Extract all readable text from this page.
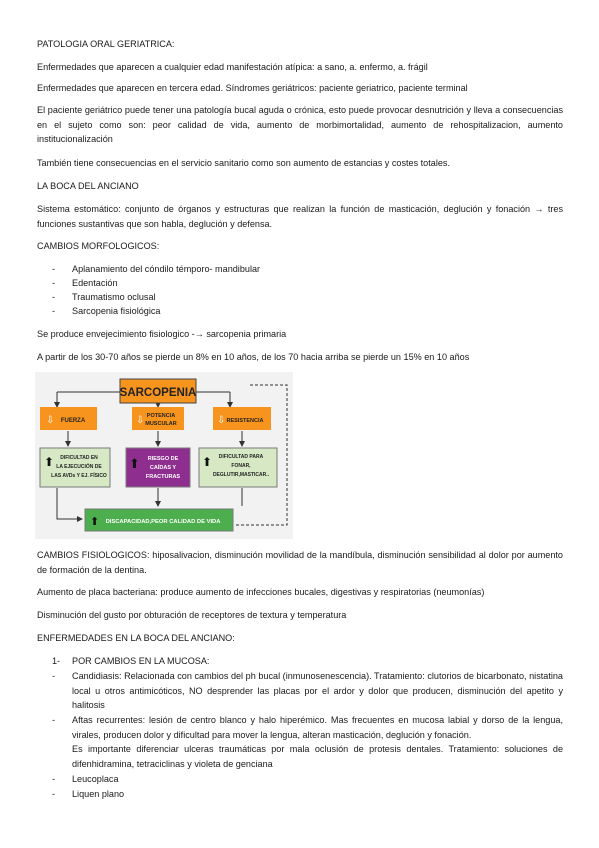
PATOLOGIA ORAL GERIATRICA:

Enfermedades que aparecen a cualquier edad manifestación atípica: a sano, a. enfermo, a. frágil

Enfermedades que aparecen en tercera edad. Síndromes geriátricos: paciente geriatrico, paciente terminal

El paciente geriátrico puede tener una patología bucal aguda o crónica, esto puede provocar desnutrición y lleva a consecuencias en el sujeto como son: peor calidad de vida, aumento de morbimortalidad, aumento de rehospitalizacion, aumento institucionalización

También tiene consecuencias en el servicio sanitario como son aumento de estancias y costes totales.

LA BOCA DEL ANCIANO

Sistema estomático: conjunto de órganos y estructuras que realizan la función de masticación, deglución y fonación → tres funciones sustantivas que son habla, deglución y defensa.

CAMBIOS MORFOLOGICOS:

- Aplanamiento del cóndilo témporo- mandibular
- Edentación
- Traumatismo oclusal
- Sarcopenia fisiológica

Se produce envejecimiento fisiologico -→ sarcopenia primaria

A partir de los 30-70 años se pierde un 8% en 10 años, de los 70 hacia arriba se pierde un 15% en 10 años

SARCOPENIA
⇩ FUERZA	⇩ POTENCIA
MUSCULAR	⇩ RESISTENCIA
⬆ DIFICULTAD EN
LA EJECUCIÓN DE
LAS AVDs Y EJ. FÍSICO
⬆ RIESGO DE
CAÍDAS Y
FRACTURAS
⬆ DIFICULTAD PARA
FONAR,
DEGLUTIR,MASTICAR..
⬆ DISCAPACIDAD,PEOR CALIDAD DE VIDA

CAMBIOS FISIOLOGICOS: hiposalivacion, disminución movilidad de la mandíbula, disminución sensibilidad al dolor por aumento de formación de la dentina.

Aumento de placa bacteriana: produce aumento de infecciones bucales, digestivas y respiratorias (neumonías)

Disminución del gusto por obturación de receptores de textura y temperatura

ENFERMEDADES EN LA BOCA DEL ANCIANO:

1- POR CAMBIOS EN LA MUCOSA:
- Candidiasis: Relacionada con cambios del ph bucal (inmunosenescencia). Tratamiento: clutorios de bicarbonato, nistatina local u otros antimicóticos, NO desprender las placas por el ardor y dolor que producen, disminución del apetito y halitosis
- Aftas recurrentes: lesión de centro blanco y halo hiperémico. Mas frecuentes en mucosa labial y dorso de la lengua, virales, producen dolor y dificultad para mover la lengua, alteran masticación, deglución y fonación.
Es importante diferenciar ulceras traumáticas por mala oclusión de protesis dentales. Tratamiento: soluciones de difenhidramina, tetraciclinas y violeta de genciana
- Leucoplaca
- Liquen plano
